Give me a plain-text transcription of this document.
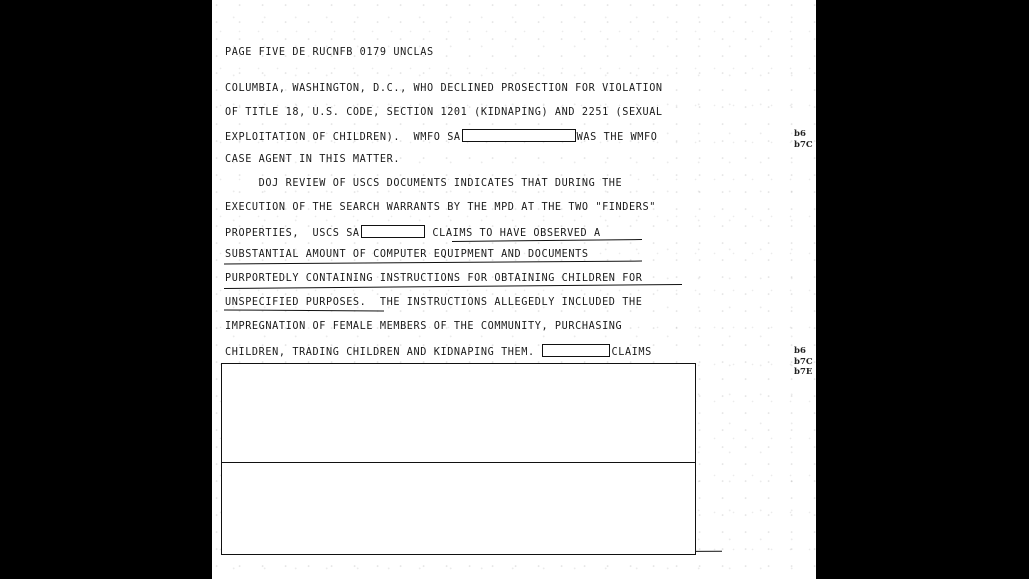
PAGE FIVE DE RUCNFB 0179 UNCLAS
COLUMBIA, WASHINGTON, D.C., WHO DECLINED PROSECTION FOR VIOLATION
OF TITLE 18, U.S. CODE, SECTION 1201 (KIDNAPING) AND 2251 (SEXUAL
EXPLOITATION OF CHILDREN).  WMFO SA	WAS THE WMFO
CASE AGENT IN THIS MATTER.
DOJ REVIEW OF USCS DOCUMENTS INDICATES THAT DURING THE
EXECUTION OF THE SEARCH WARRANTS BY THE MPD AT THE TWO "FINDERS"
PROPERTIES,  USCS SA	CLAIMS TO HAVE OBSERVED A
SUBSTANTIAL AMOUNT OF COMPUTER EQUIPMENT AND DOCUMENTS
PURPORTEDLY CONTAINING INSTRUCTIONS FOR OBTAINING CHILDREN FOR
UNSPECIFIED PURPOSES.  THE INSTRUCTIONS ALLEGEDLY INCLUDED THE
IMPREGNATION OF FEMALE MEMBERS OF THE COMMUNITY, PURCHASING
CHILDREN, TRADING CHILDREN AND KIDNAPING THEM.	CLAIMS
b6
b7C
b6
b7C
b7E
